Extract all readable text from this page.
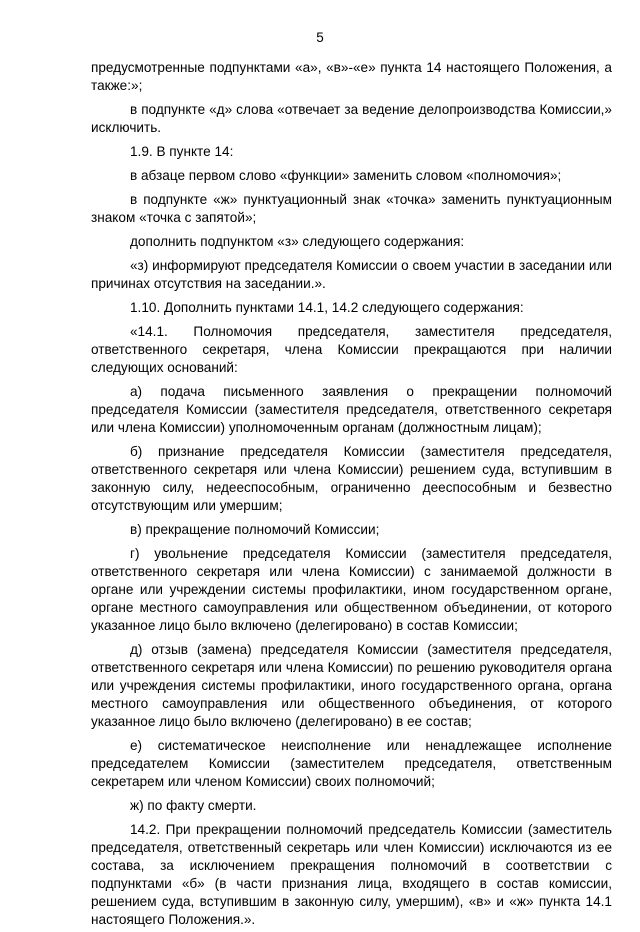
5

предусмотренные подпунктами «а», «в»-«е» пункта 14 настоящего Положения, а также:»;

в подпункте «д» слова «отвечает за ведение делопроизводства Комиссии,» исключить.

1.9. В пункте 14:

в абзаце первом слово «функции» заменить словом «полномочия»;

в подпункте «ж» пунктуационный знак «точка» заменить пунктуационным знаком «точка с запятой»;

дополнить подпунктом «з» следующего содержания:

«з) информируют председателя Комиссии о своем участии в заседании или причинах отсутствия на заседании.».

1.10. Дополнить пунктами 14.1, 14.2 следующего содержания:

«14.1. Полномочия председателя, заместителя председателя, ответственного секретаря, члена Комиссии прекращаются при наличии следующих оснований:

а) подача письменного заявления о прекращении полномочий председателя Комиссии (заместителя председателя, ответственного секретаря или члена Комиссии) уполномоченным органам (должностным лицам);

б) признание председателя Комиссии (заместителя председателя, ответственного секретаря или члена Комиссии) решением суда, вступившим в законную силу, недееспособным, ограниченно дееспособным и безвестно отсутствующим или умершим;

в) прекращение полномочий Комиссии;

г) увольнение председателя Комиссии (заместителя председателя, ответственного секретаря или члена Комиссии) с занимаемой должности в органе или учреждении системы профилактики, ином государственном органе, органе местного самоуправления или общественном объединении, от которого указанное лицо было включено (делегировано) в состав Комиссии;

д) отзыв (замена) председателя Комиссии (заместителя председателя, ответственного секретаря или члена Комиссии) по решению руководителя органа или учреждения системы профилактики, иного государственного органа, органа местного самоуправления или общественного объединения, от которого указанное лицо было включено (делегировано) в ее состав;

е) систематическое неисполнение или ненадлежащее исполнение председателем Комиссии (заместителем председателя, ответственным секретарем или членом Комиссии) своих полномочий;

ж) по факту смерти.

14.2. При прекращении полномочий председатель Комиссии (заместитель председателя, ответственный секретарь или член Комиссии) исключаются из ее состава, за исключением прекращения полномочий в соответствии с подпунктами «б» (в части признания лица, входящего в состав комиссии, решением суда, вступившим в законную силу, умершим), «в» и «ж» пункта 14.1 настоящего Положения.».
